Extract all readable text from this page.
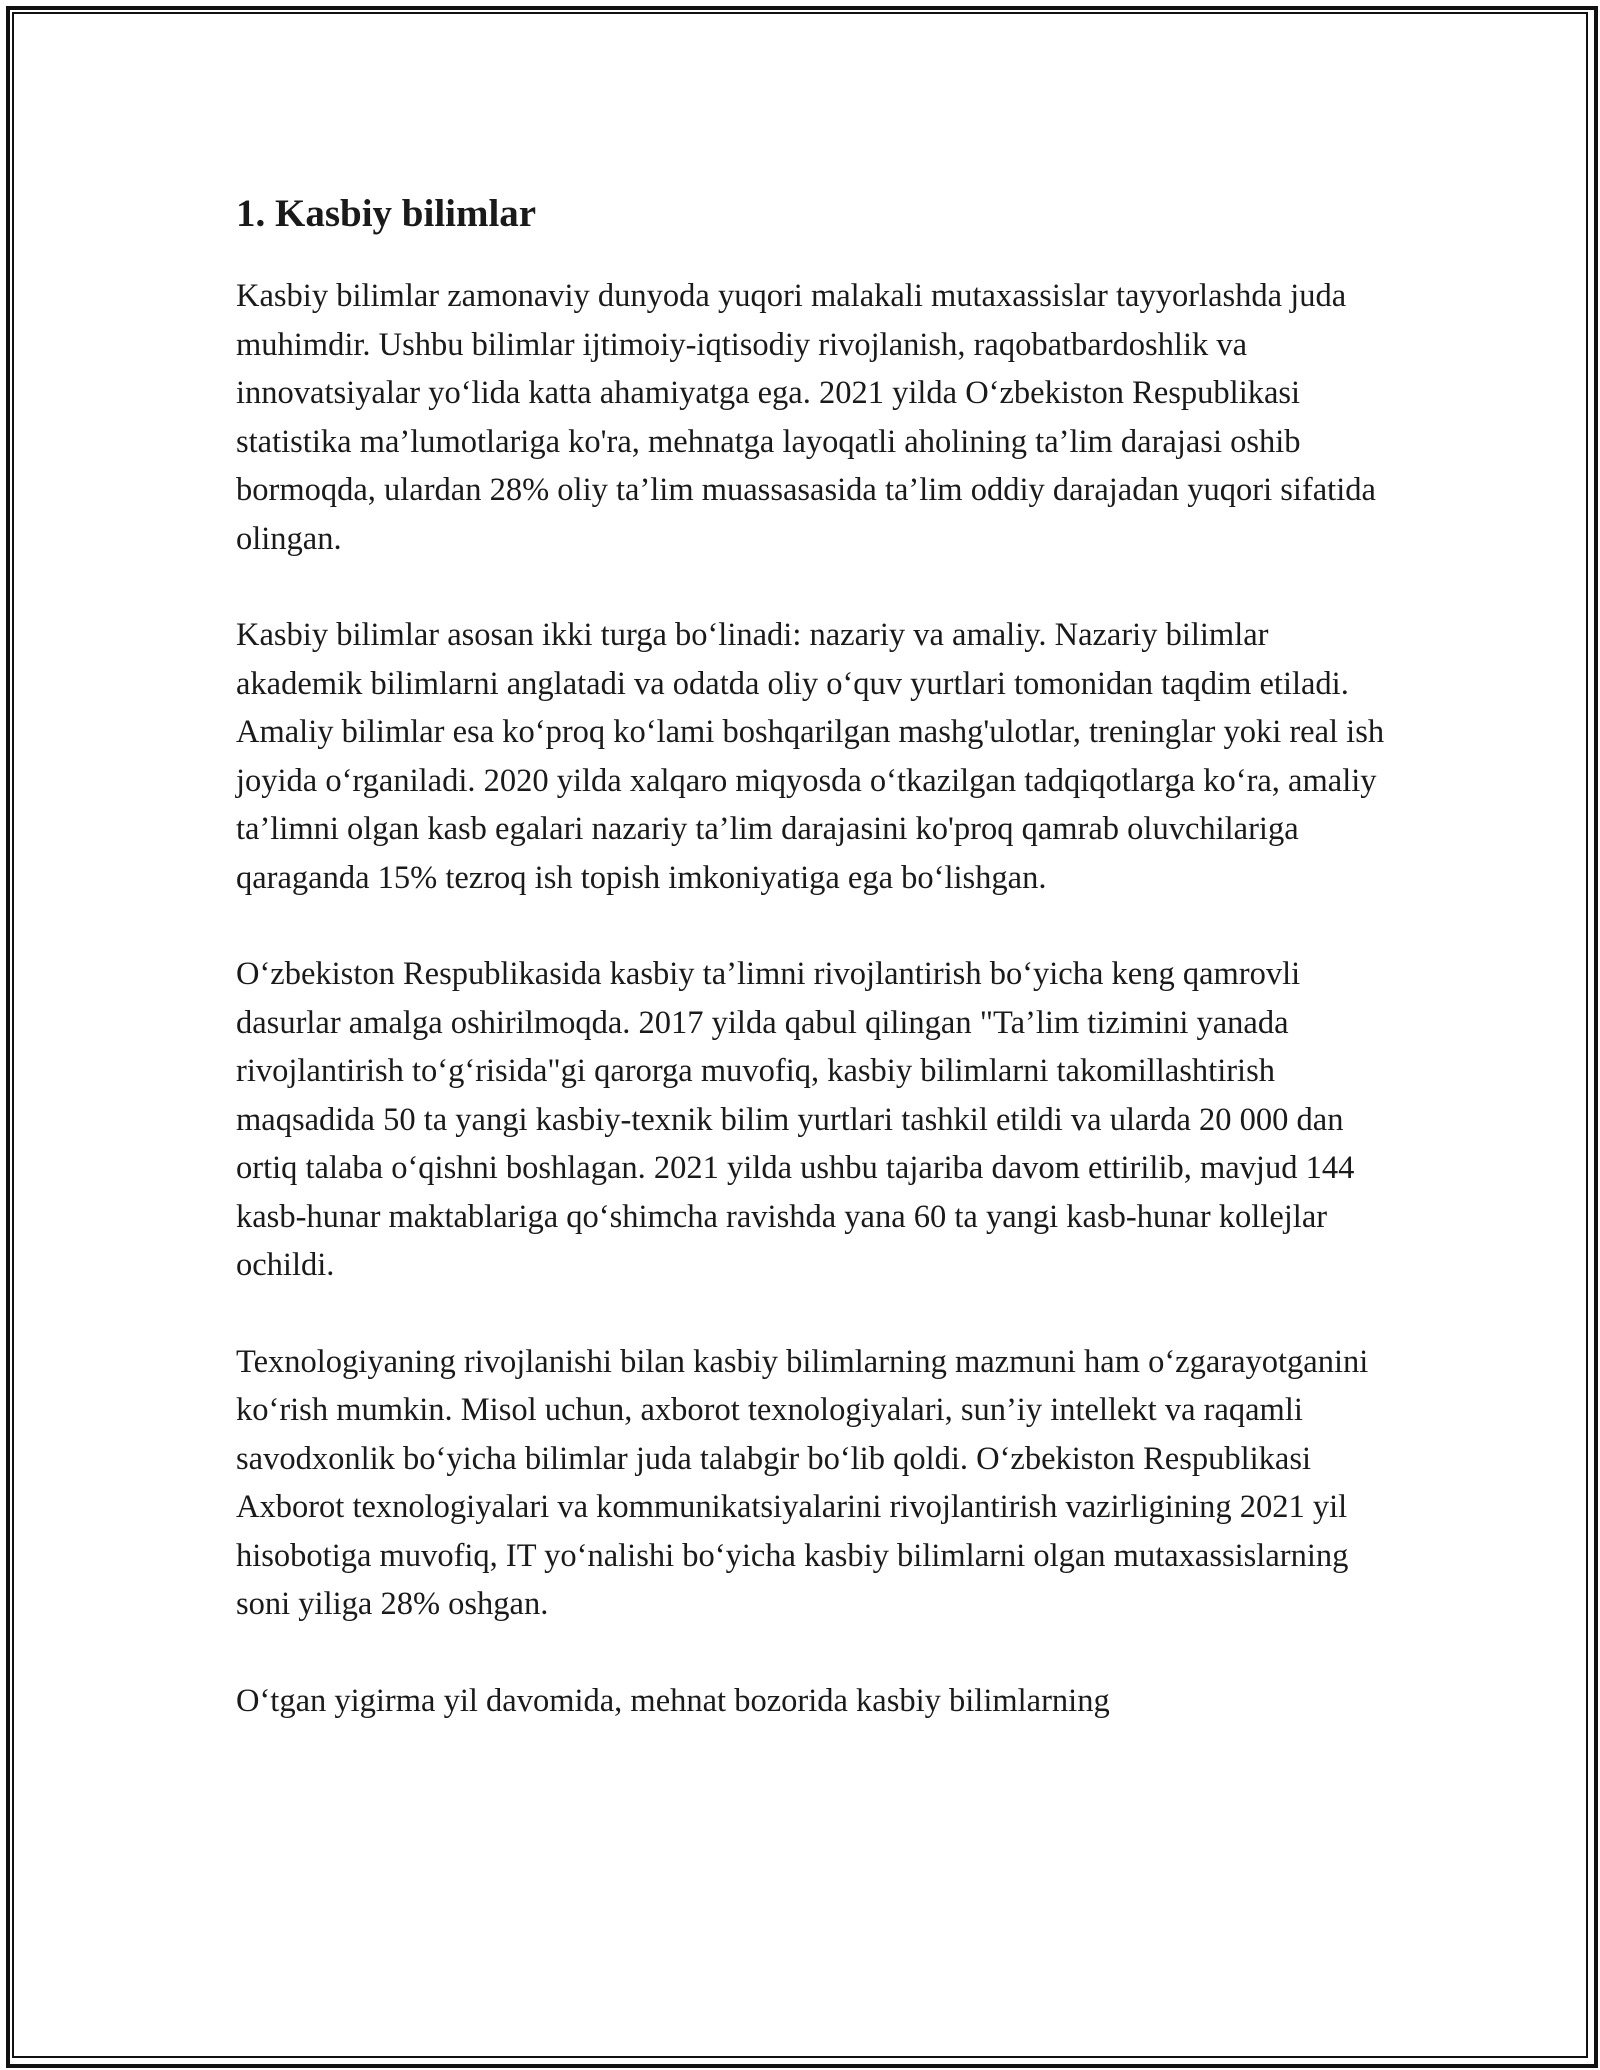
1. Kasbiy bilimlar

Kasbiy bilimlar zamonaviy dunyoda yuqori malakali mutaxassislar tayyorlashda juda muhimdir. Ushbu bilimlar ijtimoiy-iqtisodiy rivojlanish, raqobatbardoshlik va innovatsiyalar yo‘lida katta ahamiyatga ega. 2021 yilda O‘zbekiston Respublikasi statistika ma’lumotlariga ko'ra, mehnatga layoqatli aholining ta’lim darajasi oshib bormoqda, ulardan 28% oliy ta’lim muassasasida ta’lim oddiy darajadan yuqori sifatida olingan.

Kasbiy bilimlar asosan ikki turga bo‘linadi: nazariy va amaliy. Nazariy bilimlar akademik bilimlarni anglatadi va odatda oliy o‘quv yurtlari tomonidan taqdim etiladi. Amaliy bilimlar esa ko‘proq ko‘lami boshqarilgan mashg'ulotlar, treninglar yoki real ish joyida o‘rganiladi. 2020 yilda xalqaro miqyosda o‘tkazilgan tadqiqotlarga ko‘ra, amaliy ta’limni olgan kasb egalari nazariy ta’lim darajasini ko'proq qamrab oluvchilariga qaraganda 15% tezroq ish topish imkoniyatiga ega bo‘lishgan.

O‘zbekiston Respublikasida kasbiy ta’limni rivojlantirish bo‘yicha keng qamrovli dasurlar amalga oshirilmoqda. 2017 yilda qabul qilingan "Ta’lim tizimini yanada rivojlantirish to‘g‘risida"gi qarorga muvofiq, kasbiy bilimlarni takomillashtirish maqsadida 50 ta yangi kasbiy-texnik bilim yurtlari tashkil etildi va ularda 20 000 dan ortiq talaba o‘qishni boshlagan. 2021 yilda ushbu tajariba davom ettirilib, mavjud 144 kasb-hunar maktablariga qo‘shimcha ravishda yana 60 ta yangi kasb-hunar kollejlar ochildi.

Texnologiyaning rivojlanishi bilan kasbiy bilimlarning mazmuni ham o‘zgarayotganini ko‘rish mumkin. Misol uchun, axborot texnologiyalari, sun’iy intellekt va raqamli savodxonlik bo‘yicha bilimlar juda talabgir bo‘lib qoldi. O‘zbekiston Respublikasi Axborot texnologiyalari va kommunikatsiyalarini rivojlantirish vazirligining 2021 yil hisobotiga muvofiq, IT yo‘nalishi bo‘yicha kasbiy bilimlarni olgan mutaxassislarning soni yiliga 28% oshgan.

O‘tgan yigirma yil davomida, mehnat bozorida kasbiy bilimlarning
